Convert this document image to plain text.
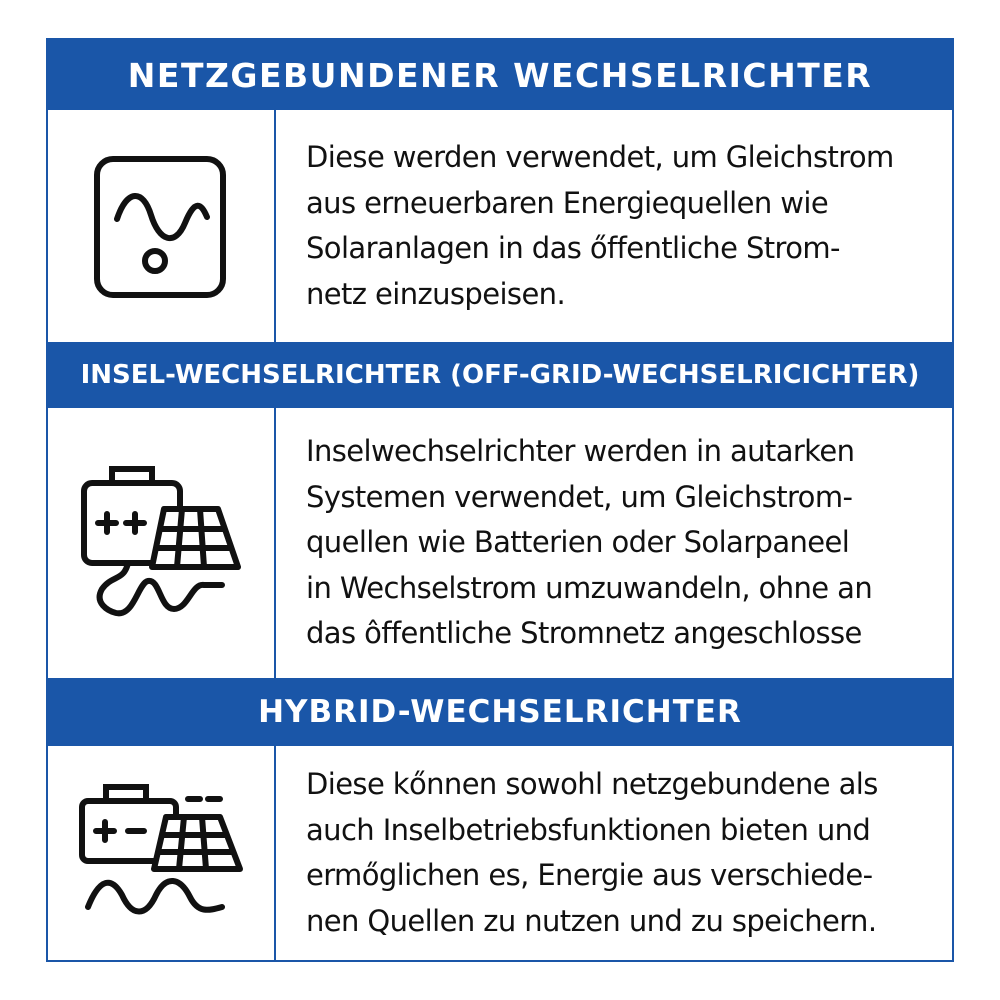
NETZGEBUNDENER WECHSELRICHTER

Diese werden verwendet, um Gleichstrom
aus erneuerbaren Energiequellen wie
Solaranlagen in das őffentliche Strom-
netz einzuspeisen.

INSEL-WECHSELRICHTER (OFF-GRID-WECHSELRICICHTER)

Inselwechselrichter werden in autarken
Systemen verwendet, um Gleichstrom-
quellen wie Batterien oder Solarpaneel
in Wechselstrom umzuwandeln, ohne an
das ôffentliche Stromnetz angeschlosse

HYBRID-WECHSELRICHTER

Diese kőnnen sowohl netzgebundene als
auch Inselbetriebsfunktionen bieten und
ermőglichen es, Energie aus verschiede-
nen Quellen zu nutzen und zu speichern.
